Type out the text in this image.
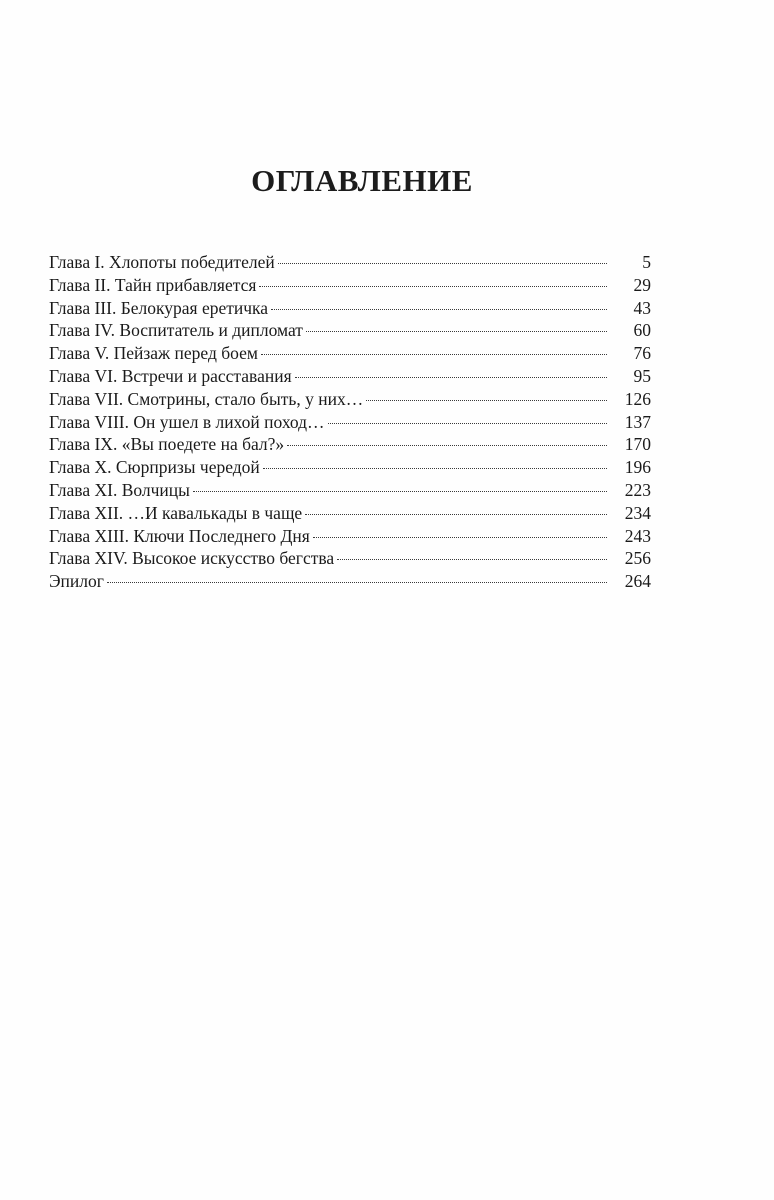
ОГЛАВЛЕНИЕ
Глава I. Хлопоты победителей	5
Глава II. Тайн прибавляется	29
Глава III. Белокурая еретичка	43
Глава IV. Воспитатель и дипломат	60
Глава V. Пейзаж перед боем	76
Глава VI. Встречи и расставания	95
Глава VII. Смотрины, стало быть, у них…	126
Глава VIII. Он ушел в лихой поход…	137
Глава IX. «Вы поедете на бал?»	170
Глава X. Сюрпризы чередой	196
Глава XI. Волчицы	223
Глава XII. …И кавалькады в чаще	234
Глава XIII. Ключи Последнего Дня	243
Глава XIV. Высокое искусство бегства	256
Эпилог	264
